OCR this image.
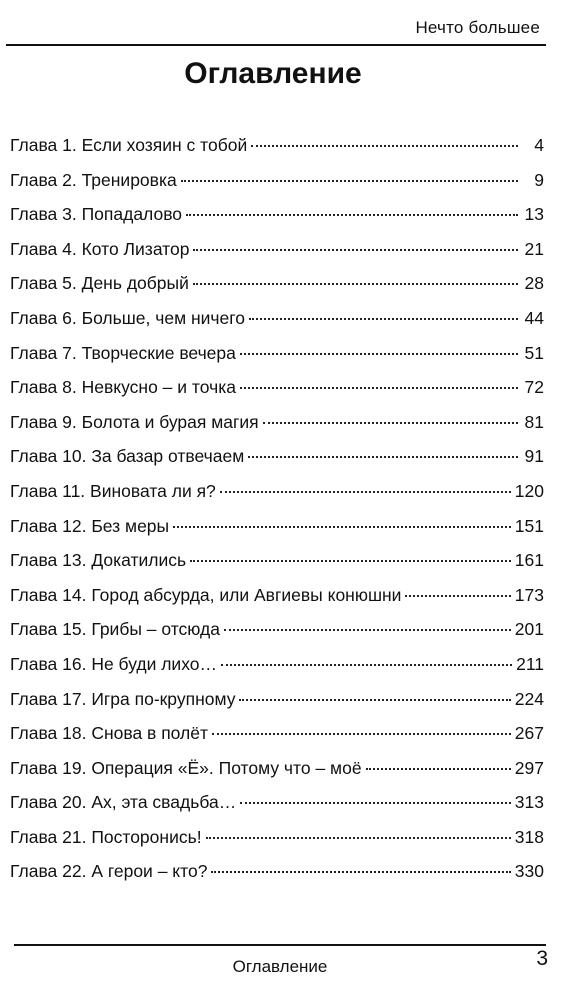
Нечто большее
Оглавление
Глава 1. Если хозяин с тобой	4
Глава 2. Тренировка	9
Глава 3. Попадалово	13
Глава 4. Кото Лизатор	21
Глава 5. День добрый	28
Глава 6. Больше, чем ничего	44
Глава 7. Творческие вечера	51
Глава 8. Невкусно – и точка	72
Глава 9. Болота и бурая магия	81
Глава 10. За базар отвечаем	91
Глава 11. Виновата ли я?	120
Глава 12. Без меры	151
Глава 13. Докатились	161
Глава 14. Город абсурда, или Авгиевы конюшни	173
Глава 15. Грибы – отсюда	201
Глава 16. Не буди лихо…	211
Глава 17. Игра по-крупному	224
Глава 18. Снова в полёт	267
Глава 19. Операция «Ё». Потому что – моё	297
Глава 20. Ах, эта свадьба…	313
Глава 21. Посторонись!	318
Глава 22. А герои – кто?	330
Оглавление	3
